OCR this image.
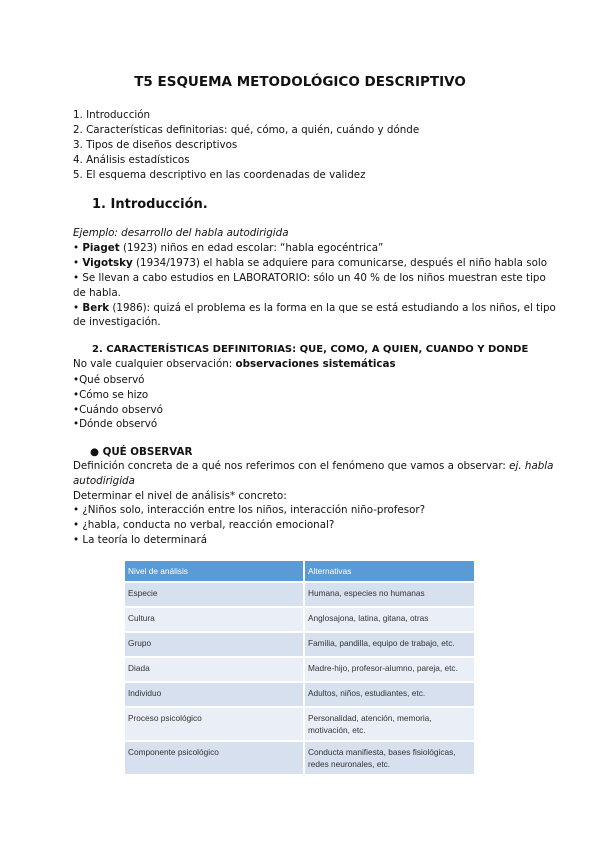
T5 ESQUEMA METODOLÓGICO DESCRIPTIVO
1. Introducción
2. Características definitorias: qué, cómo, a quién, cuándo y dónde
3. Tipos de diseños descriptivos
4. Análisis estadísticos
5. El esquema descriptivo en las coordenadas de validez
1. Introducción.
Ejemplo: desarrollo del habla autodirigida
• Piaget (1923) niños en edad escolar: “habla egocéntrica”
• Vigotsky (1934/1973) el habla se adquiere para comunicarse, después el niño habla solo
• Se llevan a cabo estudios en LABORATORIO: sólo un 40 % de los niños muestran este tipo
de habla.
• Berk (1986): quizá el problema es la forma en la que se está estudiando a los niños, el tipo
de investigación.
2. CARACTERÍSTICAS DEFINITORIAS: QUE, COMO, A QUIEN, CUANDO Y DONDE
No vale cualquier observación: observaciones sistemáticas
•Qué observó
•Cómo se hizo
•Cuándo observó
•Dónde observó
● QUÉ OBSERVAR
Definición concreta de a qué nos referimos con el fenómeno que vamos a observar: ej. habla
autodirigida
Determinar el nivel de análisis* concreto:
• ¿Niños solo, interacción entre los niños, interacción niño-profesor?
• ¿habla, conducta no verbal, reacción emocional?
• La teoría lo determinará
Nivel de análisis	Alternativas
Especie	Humana, especies no humanas
Cultura	Anglosajona, latina, gitana, otras
Grupo	Familia, pandilla, equipo de trabajo, etc.
Diada	Madre-hijo, profesor-alumno, pareja, etc.
Individuo	Adultos, niños, estudiantes, etc.
Proceso psicológico	Personalidad, atención, memoria, motivación, etc.
Componente psicológico	Conducta manifiesta, bases fisiológicas, redes neuronales, etc.
